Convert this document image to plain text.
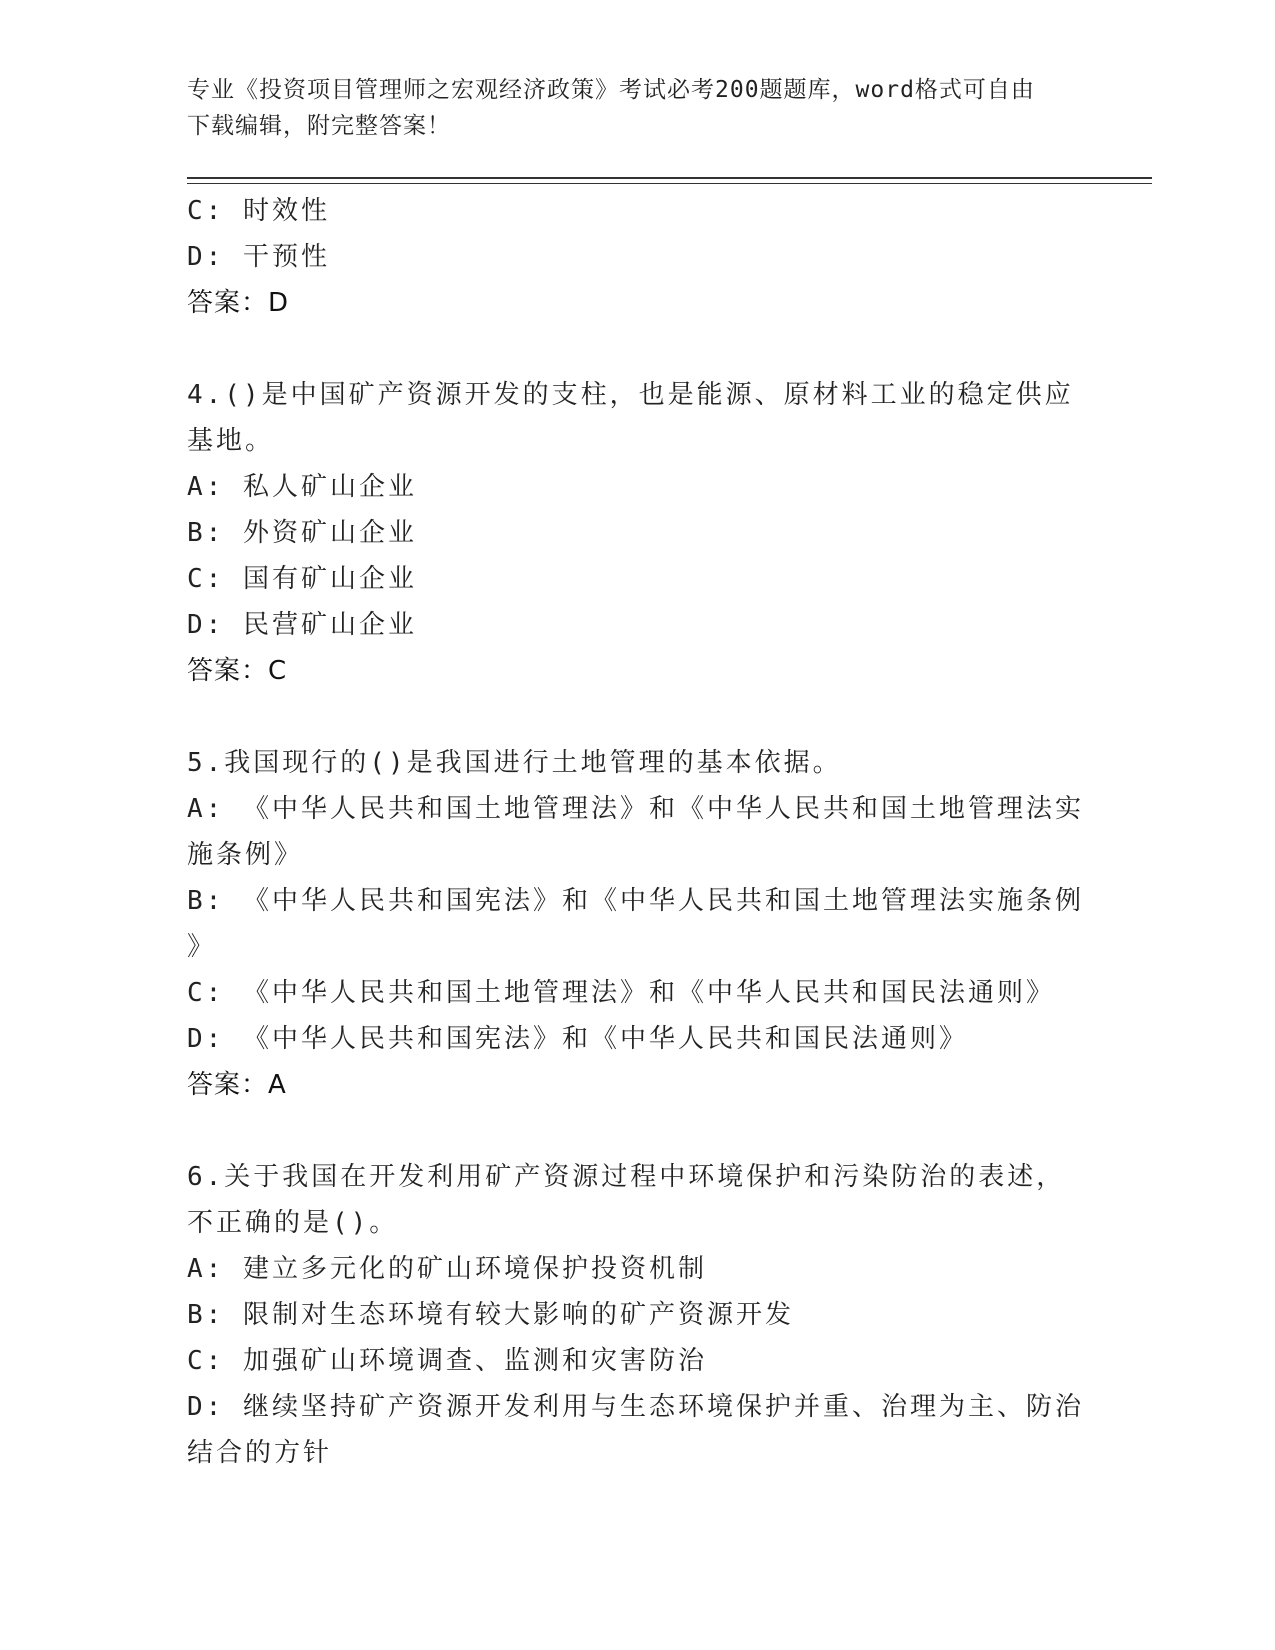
专业《投资项目管理师之宏观经济政策》考试必考200题题库，word格式可自由
下载编辑，附完整答案！
C: 时效性
D: 干预性
答案：D
4.()是中国矿产资源开发的支柱，也是能源、原材料工业的稳定供应
基地。
A: 私人矿山企业
B: 外资矿山企业
C: 国有矿山企业
D: 民营矿山企业
答案：C
5.我国现行的()是我国进行土地管理的基本依据。
A: 《中华人民共和国土地管理法》和《中华人民共和国土地管理法实
施条例》
B: 《中华人民共和国宪法》和《中华人民共和国土地管理法实施条例
》
C: 《中华人民共和国土地管理法》和《中华人民共和国民法通则》
D: 《中华人民共和国宪法》和《中华人民共和国民法通则》
答案：A
6.关于我国在开发利用矿产资源过程中环境保护和污染防治的表述，
不正确的是()。
A: 建立多元化的矿山环境保护投资机制
B: 限制对生态环境有较大影响的矿产资源开发
C: 加强矿山环境调查、监测和灾害防治
D: 继续坚持矿产资源开发利用与生态环境保护并重、治理为主、防治
结合的方针
